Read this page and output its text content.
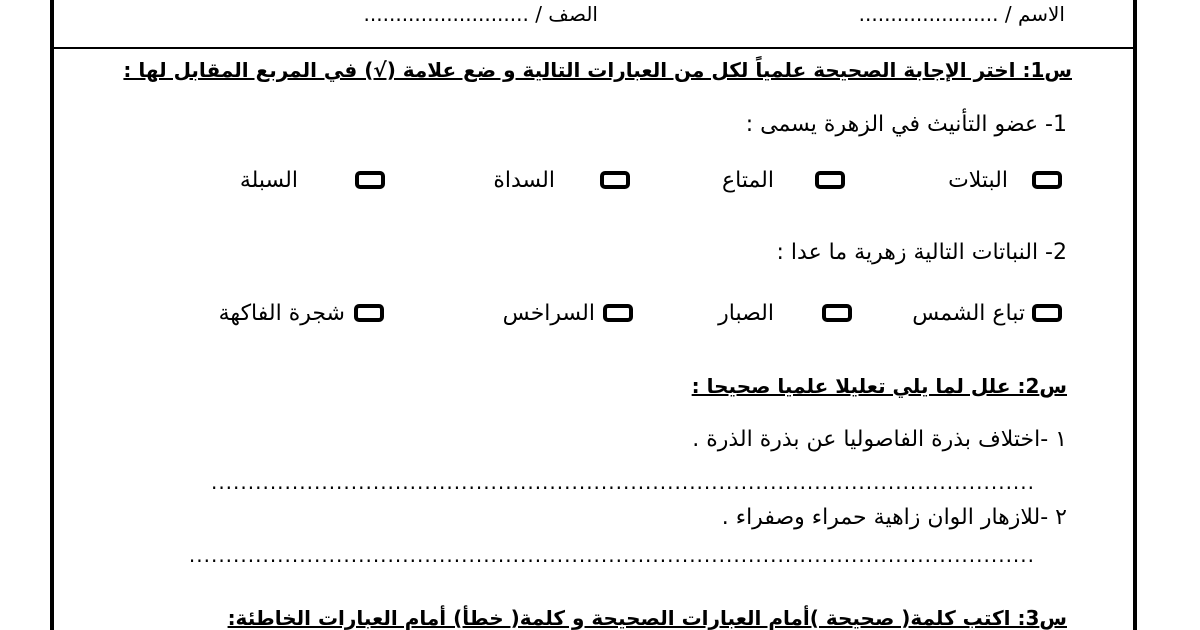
الاسم / ......................
الصف / ..........................
س1: اختر الإجابة الصحيحة علمياً لكل من العبارات التالية و ضع علامة (√) في المربع المقابل لها :
1- عضو التأنيث في الزهرة يسمى :
البتلات
المتاع
السداة
السبلة
2- النباتات التالية زهرية ما عدا :
تباع الشمس
الصبار
السراخس
شجرة الفاكهة
س2: علل لما يلي تعليلا علميا صحيحا :
١ -اختلاف بذرة الفاصوليا عن بذرة الذرة .
................................................................................................................
٢ -للازهار الوان زاهية حمراء وصفراء .
...................................................................................................................
س3: اكتب كلمة( صحيحة )أمام العبارات الصحيحة و كلمة( خطأ) أمام العبارات الخاطئة:
